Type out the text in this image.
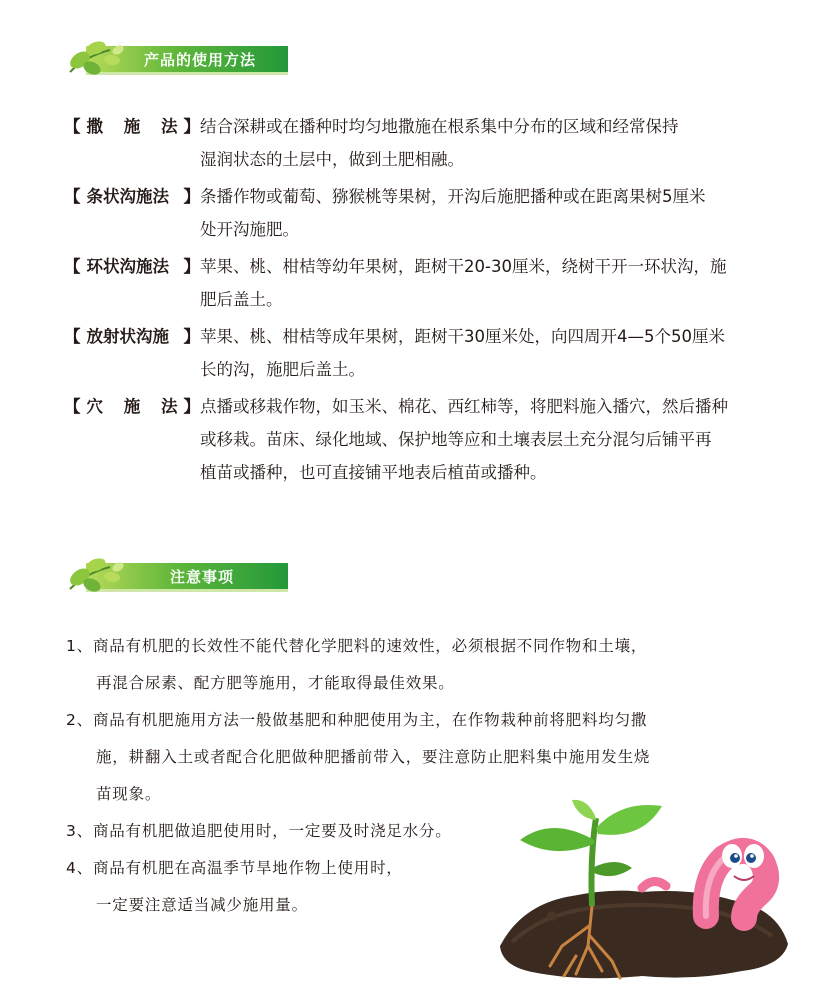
产品的使用方法
【 撒 施 法 】 结合深耕或在播种时均匀地撒施在根系集中分布的区域和经常保持
湿润状态的土层中，做到土肥相融。
【 条状沟施法 】 条播作物或葡萄、猕猴桃等果树，开沟后施肥播种或在距离果树5厘米
处开沟施肥。
【 环状沟施法 】 苹果、桃、柑桔等幼年果树，距树干20-30厘米，绕树干开一环状沟，施
肥后盖土。
【 放射状沟施 】 苹果、桃、柑桔等成年果树，距树干30厘米处，向四周开4—5个50厘米
长的沟，施肥后盖土。
【 穴 施 法 】 点播或移栽作物，如玉米、棉花、西红柿等，将肥料施入播穴，然后播种
或移栽。苗床、绿化地域、保护地等应和土壤表层土充分混匀后铺平再
植苗或播种，也可直接铺平地表后植苗或播种。
注意事项
1、商品有机肥的长效性不能代替化学肥料的速效性，必须根据不同作物和土壤，
再混合尿素、配方肥等施用，才能取得最佳效果。
2、商品有机肥施用方法一般做基肥和种肥使用为主，在作物栽种前将肥料均匀撒
施，耕翻入土或者配合化肥做种肥播前带入，要注意防止肥料集中施用发生烧
苗现象。
3、商品有机肥做追肥使用时，一定要及时浇足水分。
4、商品有机肥在高温季节旱地作物上使用时，
一定要注意适当减少施用量。
